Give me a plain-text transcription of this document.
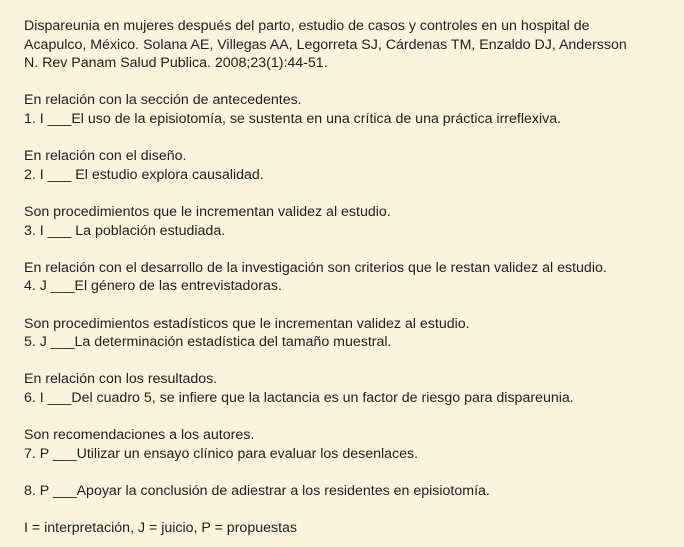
Dispareunia en mujeres después del parto, estudio de casos y controles en un hospital de
Acapulco, México. Solana AE, Villegas AA, Legorreta SJ, Cárdenas TM, Enzaldo DJ, Andersson
N. Rev Panam Salud Publica. 2008;23(1):44-51.
En relación con la sección de antecedentes.
1. I ___El uso de la episiotomía, se sustenta en una crítica de una práctica irreflexiva.
En relación con el diseño.
2. I ___ El estudio explora causalidad.
Son procedimientos que le incrementan validez al estudio.
3. I ___ La población estudiada.
En relación con el desarrollo de la investigación son criterios que le restan validez al estudio.
4. J ___El género de las entrevistadoras.
Son procedimientos estadísticos que le incrementan validez al estudio.
5. J ___La determinación estadística del tamaño muestral.
En relación con los resultados.
6. I ___Del cuadro 5, se infiere que la lactancia es un factor de riesgo para dispareunia.
Son recomendaciones a los autores.
7. P ___Utilizar un ensayo clínico para evaluar los desenlaces.
8. P ___Apoyar la conclusión de adiestrar a los residentes en episiotomía.
I = interpretación, J = juicio, P = propuestas
